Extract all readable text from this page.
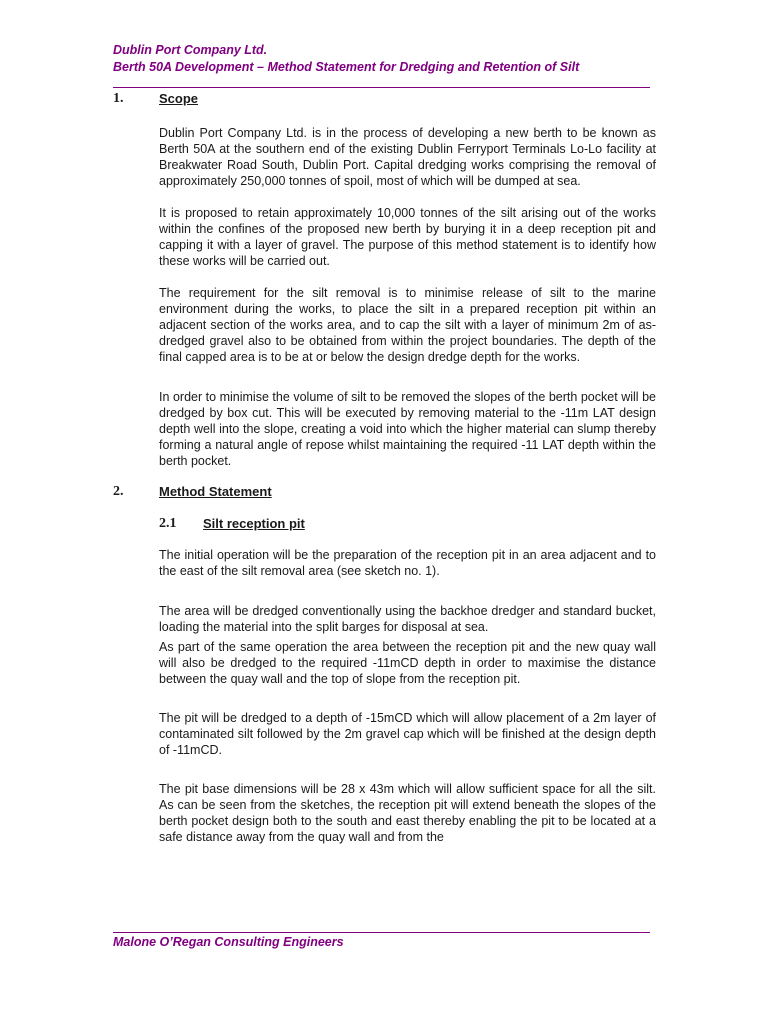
Dublin Port Company Ltd.
Berth 50A Development – Method Statement for Dredging and Retention of Silt
1.	Scope

Dublin Port Company Ltd. is in the process of developing a new berth to be known as Berth 50A at the southern end of the existing Dublin Ferryport Terminals Lo-Lo facility at Breakwater Road South, Dublin Port. Capital dredging works comprising the removal of approximately 250,000 tonnes of spoil, most of which will be dumped at sea.

It is proposed to retain approximately 10,000 tonnes of the silt arising out of the works within the confines of the proposed new berth by burying it in a deep reception pit and capping it with a layer of gravel. The purpose of this method statement is to identify how these works will be carried out.

The requirement for the silt removal is to minimise release of silt to the marine environment during the works, to place the silt in a prepared reception pit within an adjacent section of the works area, and to cap the silt with a layer of minimum 2m of as-dredged gravel also to be obtained from within the project boundaries. The depth of the final capped area is to be at or below the design dredge depth for the works.

In order to minimise the volume of silt to be removed the slopes of the berth pocket will be dredged by box cut. This will be executed by removing material to the -11m LAT design depth well into the slope, creating a void into which the higher material can slump thereby forming a natural angle of repose whilst maintaining the required -11 LAT depth within the berth pocket.

2.	Method Statement
2.1 Silt reception pit

The initial operation will be the preparation of the reception pit in an area adjacent and to the east of the silt removal area (see sketch no. 1).

The area will be dredged conventionally using the backhoe dredger and standard bucket, loading the material into the split barges for disposal at sea.

As part of the same operation the area between the reception pit and the new quay wall will also be dredged to the required -11mCD depth in order to maximise the distance between the quay wall and the top of slope from the reception pit.

The pit will be dredged to a depth of -15mCD which will allow placement of a 2m layer of contaminated silt followed by the 2m gravel cap which will be finished at the design depth of -11mCD.

The pit base dimensions will be 28 x 43m which will allow sufficient space for all the silt. As can be seen from the sketches, the reception pit will extend beneath the slopes of the berth pocket design both to the south and east thereby enabling the pit to be located at a safe distance away from the quay wall and from the

Malone O’Regan Consulting Engineers
